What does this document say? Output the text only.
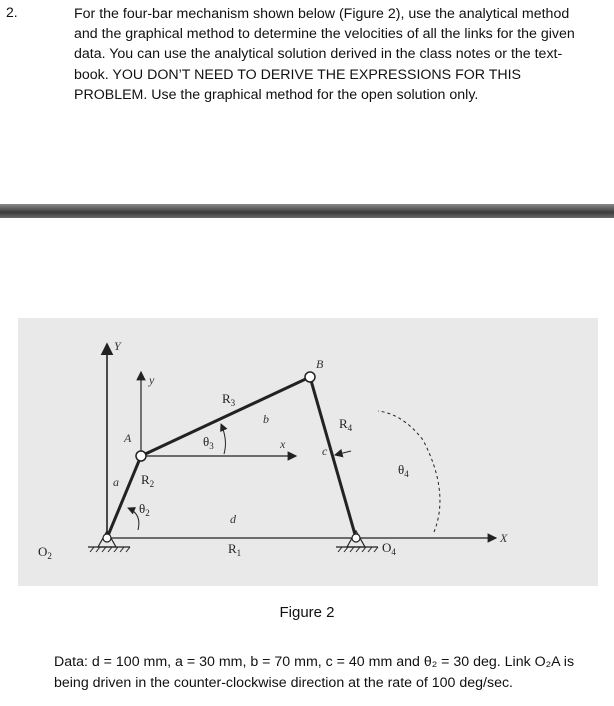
2.	For the four-bar mechanism shown below (Figure 2), use the analytical method and the graphical method to determine the velocities of all the links for the given data. You can use the analytical solution derived in the class notes or the text-book. YOU DON’T NEED TO DERIVE THE EXPRESSIONS FOR THIS PROBLEM. Use the graphical method for the open solution only.
Y
y
X
x
A
B
a
b
c
d
$O_2$
$O_4$
$R_1$
$R_2$
$R_3$
$R_4$
$\theta_2$
$\theta_3$
$\theta_4$
Figure 2
Data: d = 100 mm, a = 30 mm, b = 70 mm, c = 40 mm and θ₂ = 30 deg. Link O₂A is being driven in the counter-clockwise direction at the rate of 100 deg/sec.
